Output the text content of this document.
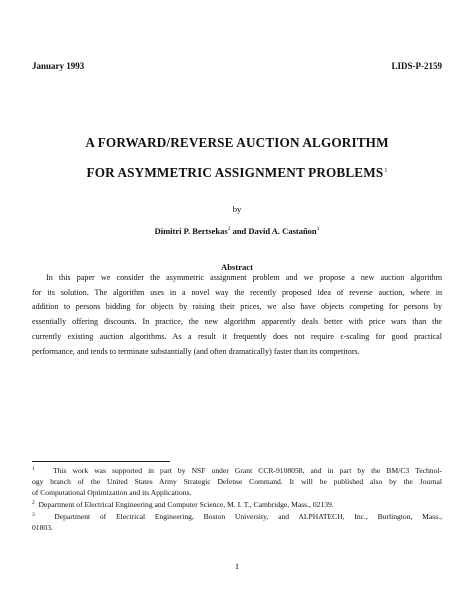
January 1993	LIDS-P-2159
A FORWARD/REVERSE AUCTION ALGORITHM
FOR ASYMMETRIC ASSIGNMENT PROBLEMS$^1$
by
Dimitri P. Bertsekas$^2$ and David A. Castañon$^3$
Abstract
In this paper we consider the asymmetric assignment problem and we propose a new auction algorithm
for its solution. The algorithm uses in a novel way the recently proposed idea of reverse auction, where in
addition to persons bidding for objects by raising their prices, we also have objects competing for persons by
essentially offering discounts. In practice, the new algorithm apparently deals better with price wars than the
currently existing auction algorithms. As a result it frequently does not require ϵ-scaling for good practical
performance, and tends to terminate substantially (and often dramatically) faster than its competitors.
$^1$ This work was supported in part by NSF under Grant CCR-9108058, and in part by the BM/C3 Technol-
ogy branch of the United States Army Strategic Defense Command. It will be published also by the Journal
of Computational Optimization and its Applications.
$^2$ Department of Electrical Engineering and Computer Science, M. I. T., Cambridge, Mass., 02139.
$^3$	Department of Electrical Engineering, Boston University, and ALPHATECH, Inc., Burlington, Mass.,
01803.
1
